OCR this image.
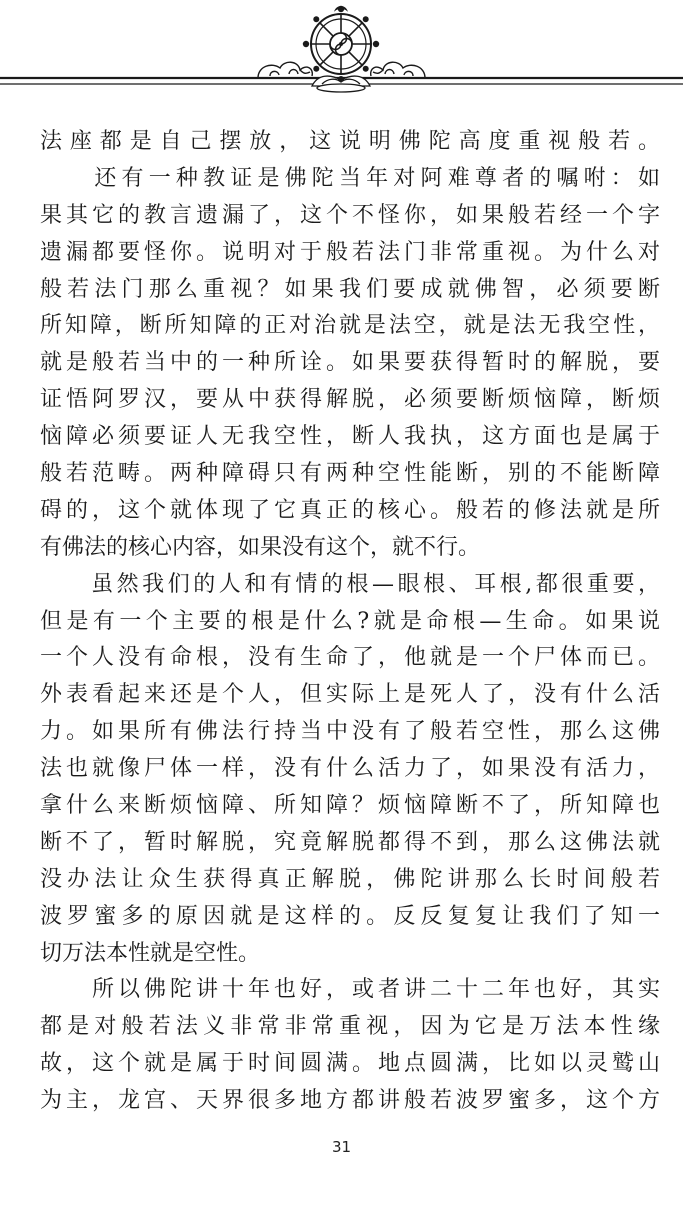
法座都是自己摆放，这说明佛陀高度重视般若。
　　还有一种教证是佛陀当年对阿难尊者的嘱咐：如
果其它的教言遗漏了，这个不怪你，如果般若经一个字
遗漏都要怪你。说明对于般若法门非常重视。为什么对
般若法门那么重视？如果我们要成就佛智，必须要断
所知障，断所知障的正对治就是法空，就是法无我空性，
就是般若当中的一种所诠。如果要获得暂时的解脱，要
证悟阿罗汉，要从中获得解脱，必须要断烦恼障，断烦
恼障必须要证人无我空性，断人我执，这方面也是属于
般若范畴。两种障碍只有两种空性能断，别的不能断障
碍的，这个就体现了它真正的核心。般若的修法就是所
有佛法的核心内容，如果没有这个，就不行。
　　虽然我们的人和有情的根—眼根、耳根,都很重要，
但是有一个主要的根是什么?就是命根—生命。如果说
一个人没有命根，没有生命了，他就是一个尸体而已。
外表看起来还是个人，但实际上是死人了，没有什么活
力。如果所有佛法行持当中没有了般若空性，那么这佛
法也就像尸体一样，没有什么活力了，如果没有活力，
拿什么来断烦恼障、所知障？烦恼障断不了，所知障也
断不了，暂时解脱，究竟解脱都得不到，那么这佛法就
没办法让众生获得真正解脱，佛陀讲那么长时间般若
波罗蜜多的原因就是这样的。反反复复让我们了知一
切万法本性就是空性。
　　所以佛陀讲十年也好，或者讲二十二年也好，其实
都是对般若法义非常非常重视，因为它是万法本性缘
故，这个就是属于时间圆满。地点圆满，比如以灵鹫山
为主，龙宫、天界很多地方都讲般若波罗蜜多，这个方
31
